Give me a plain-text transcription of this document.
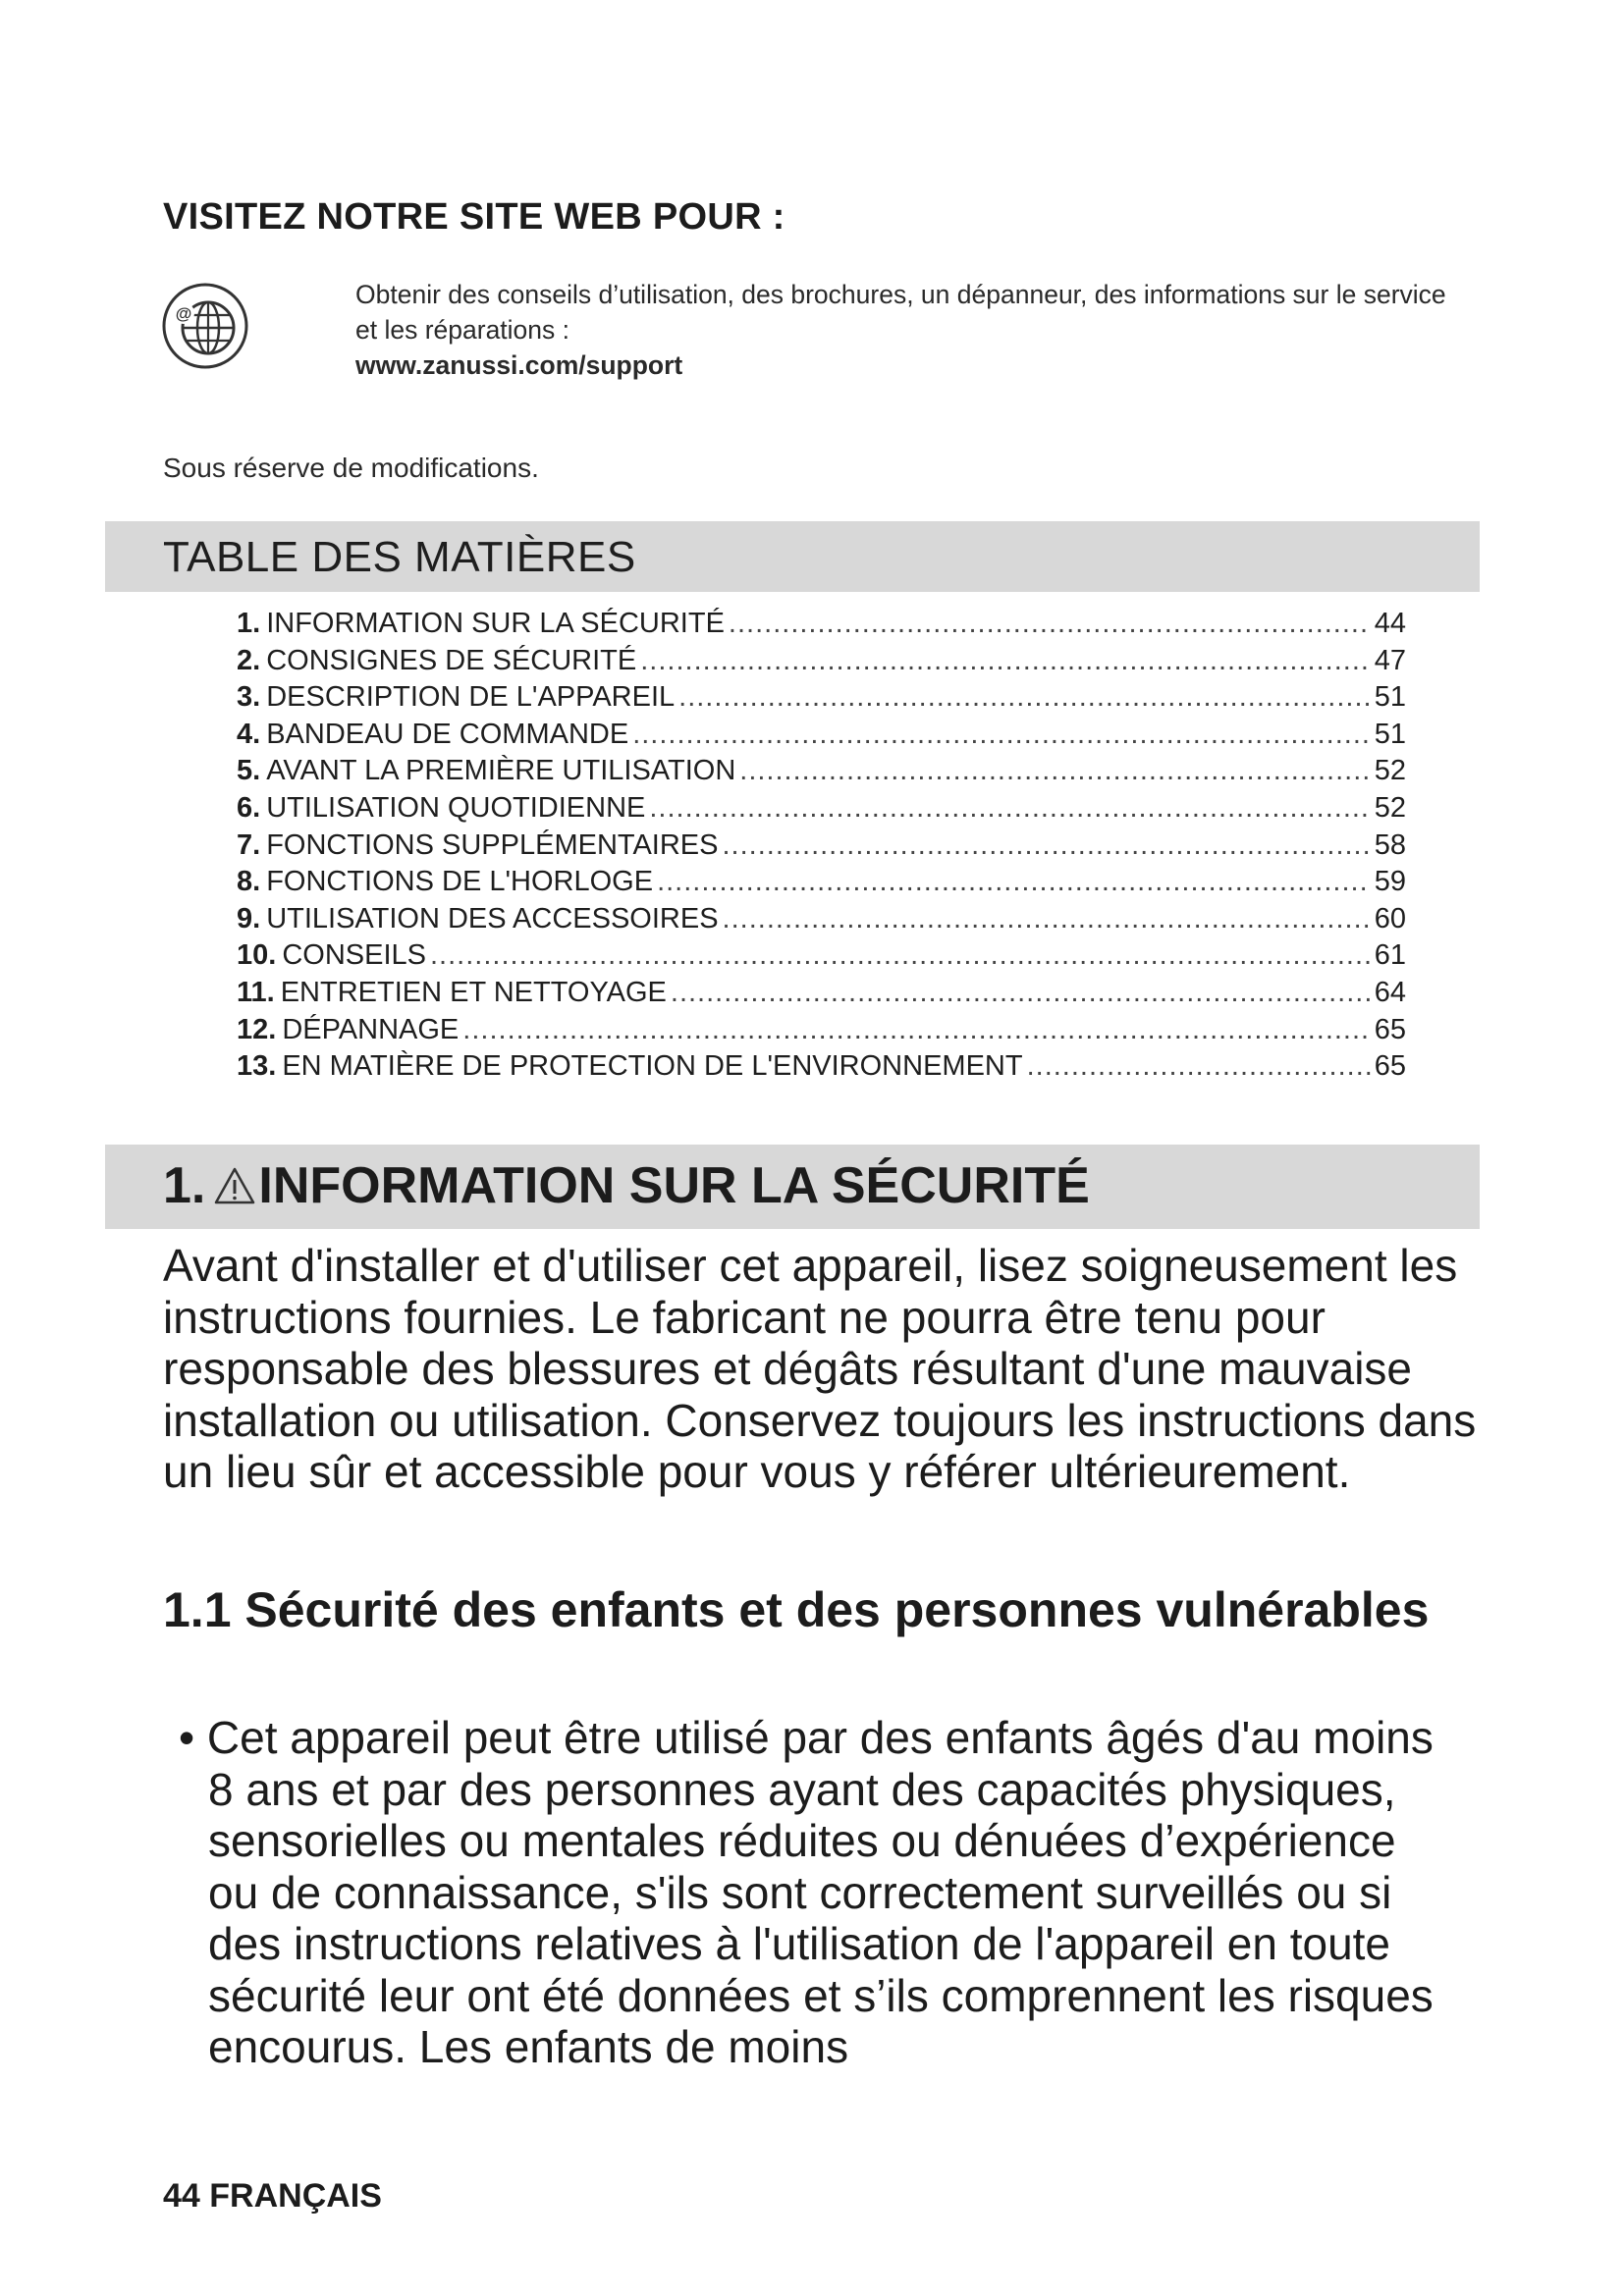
VISITEZ NOTRE SITE WEB POUR :
@
Obtenir des conseils d’utilisation, des brochures, un dépanneur, des informations sur le service et les réparations :
www.zanussi.com/support
Sous réserve de modifications.
TABLE DES MATIÈRES
1. INFORMATION SUR LA SÉCURITÉ .....	44
2. CONSIGNES DE SÉCURITÉ .....	47
3. DESCRIPTION DE L'APPAREIL .....	51
4. BANDEAU DE COMMANDE .....	51
5. AVANT LA PREMIÈRE UTILISATION .....	52
6. UTILISATION QUOTIDIENNE .....	52
7. FONCTIONS SUPPLÉMENTAIRES .....	58
8. FONCTIONS DE L'HORLOGE .....	59
9. UTILISATION DES ACCESSOIRES .....	60
10. CONSEILS .....	61
11. ENTRETIEN ET NETTOYAGE .....	64
12. DÉPANNAGE .....	65
13. EN MATIÈRE DE PROTECTION DE L'ENVIRONNEMENT .....	65
1. INFORMATION SUR LA SÉCURITÉ
Avant d'installer et d'utiliser cet appareil, lisez soigneusement les instructions fournies. Le fabricant ne pourra être tenu pour responsable des blessures et dégâts résultant d'une mauvaise installation ou utilisation. Conservez toujours les instructions dans un lieu sûr et accessible pour vous y référer ultérieurement.
1.1 Sécurité des enfants et des personnes vulnérables
• Cet appareil peut être utilisé par des enfants âgés d'au moins 8 ans et par des personnes ayant des capacités physiques, sensorielles ou mentales réduites ou dénuées d’expérience ou de connaissance, s'ils sont correctement surveillés ou si des instructions relatives à l'utilisation de l'appareil en toute sécurité leur ont été données et s’ils comprennent les risques encourus. Les enfants de moins
44 FRANÇAIS
